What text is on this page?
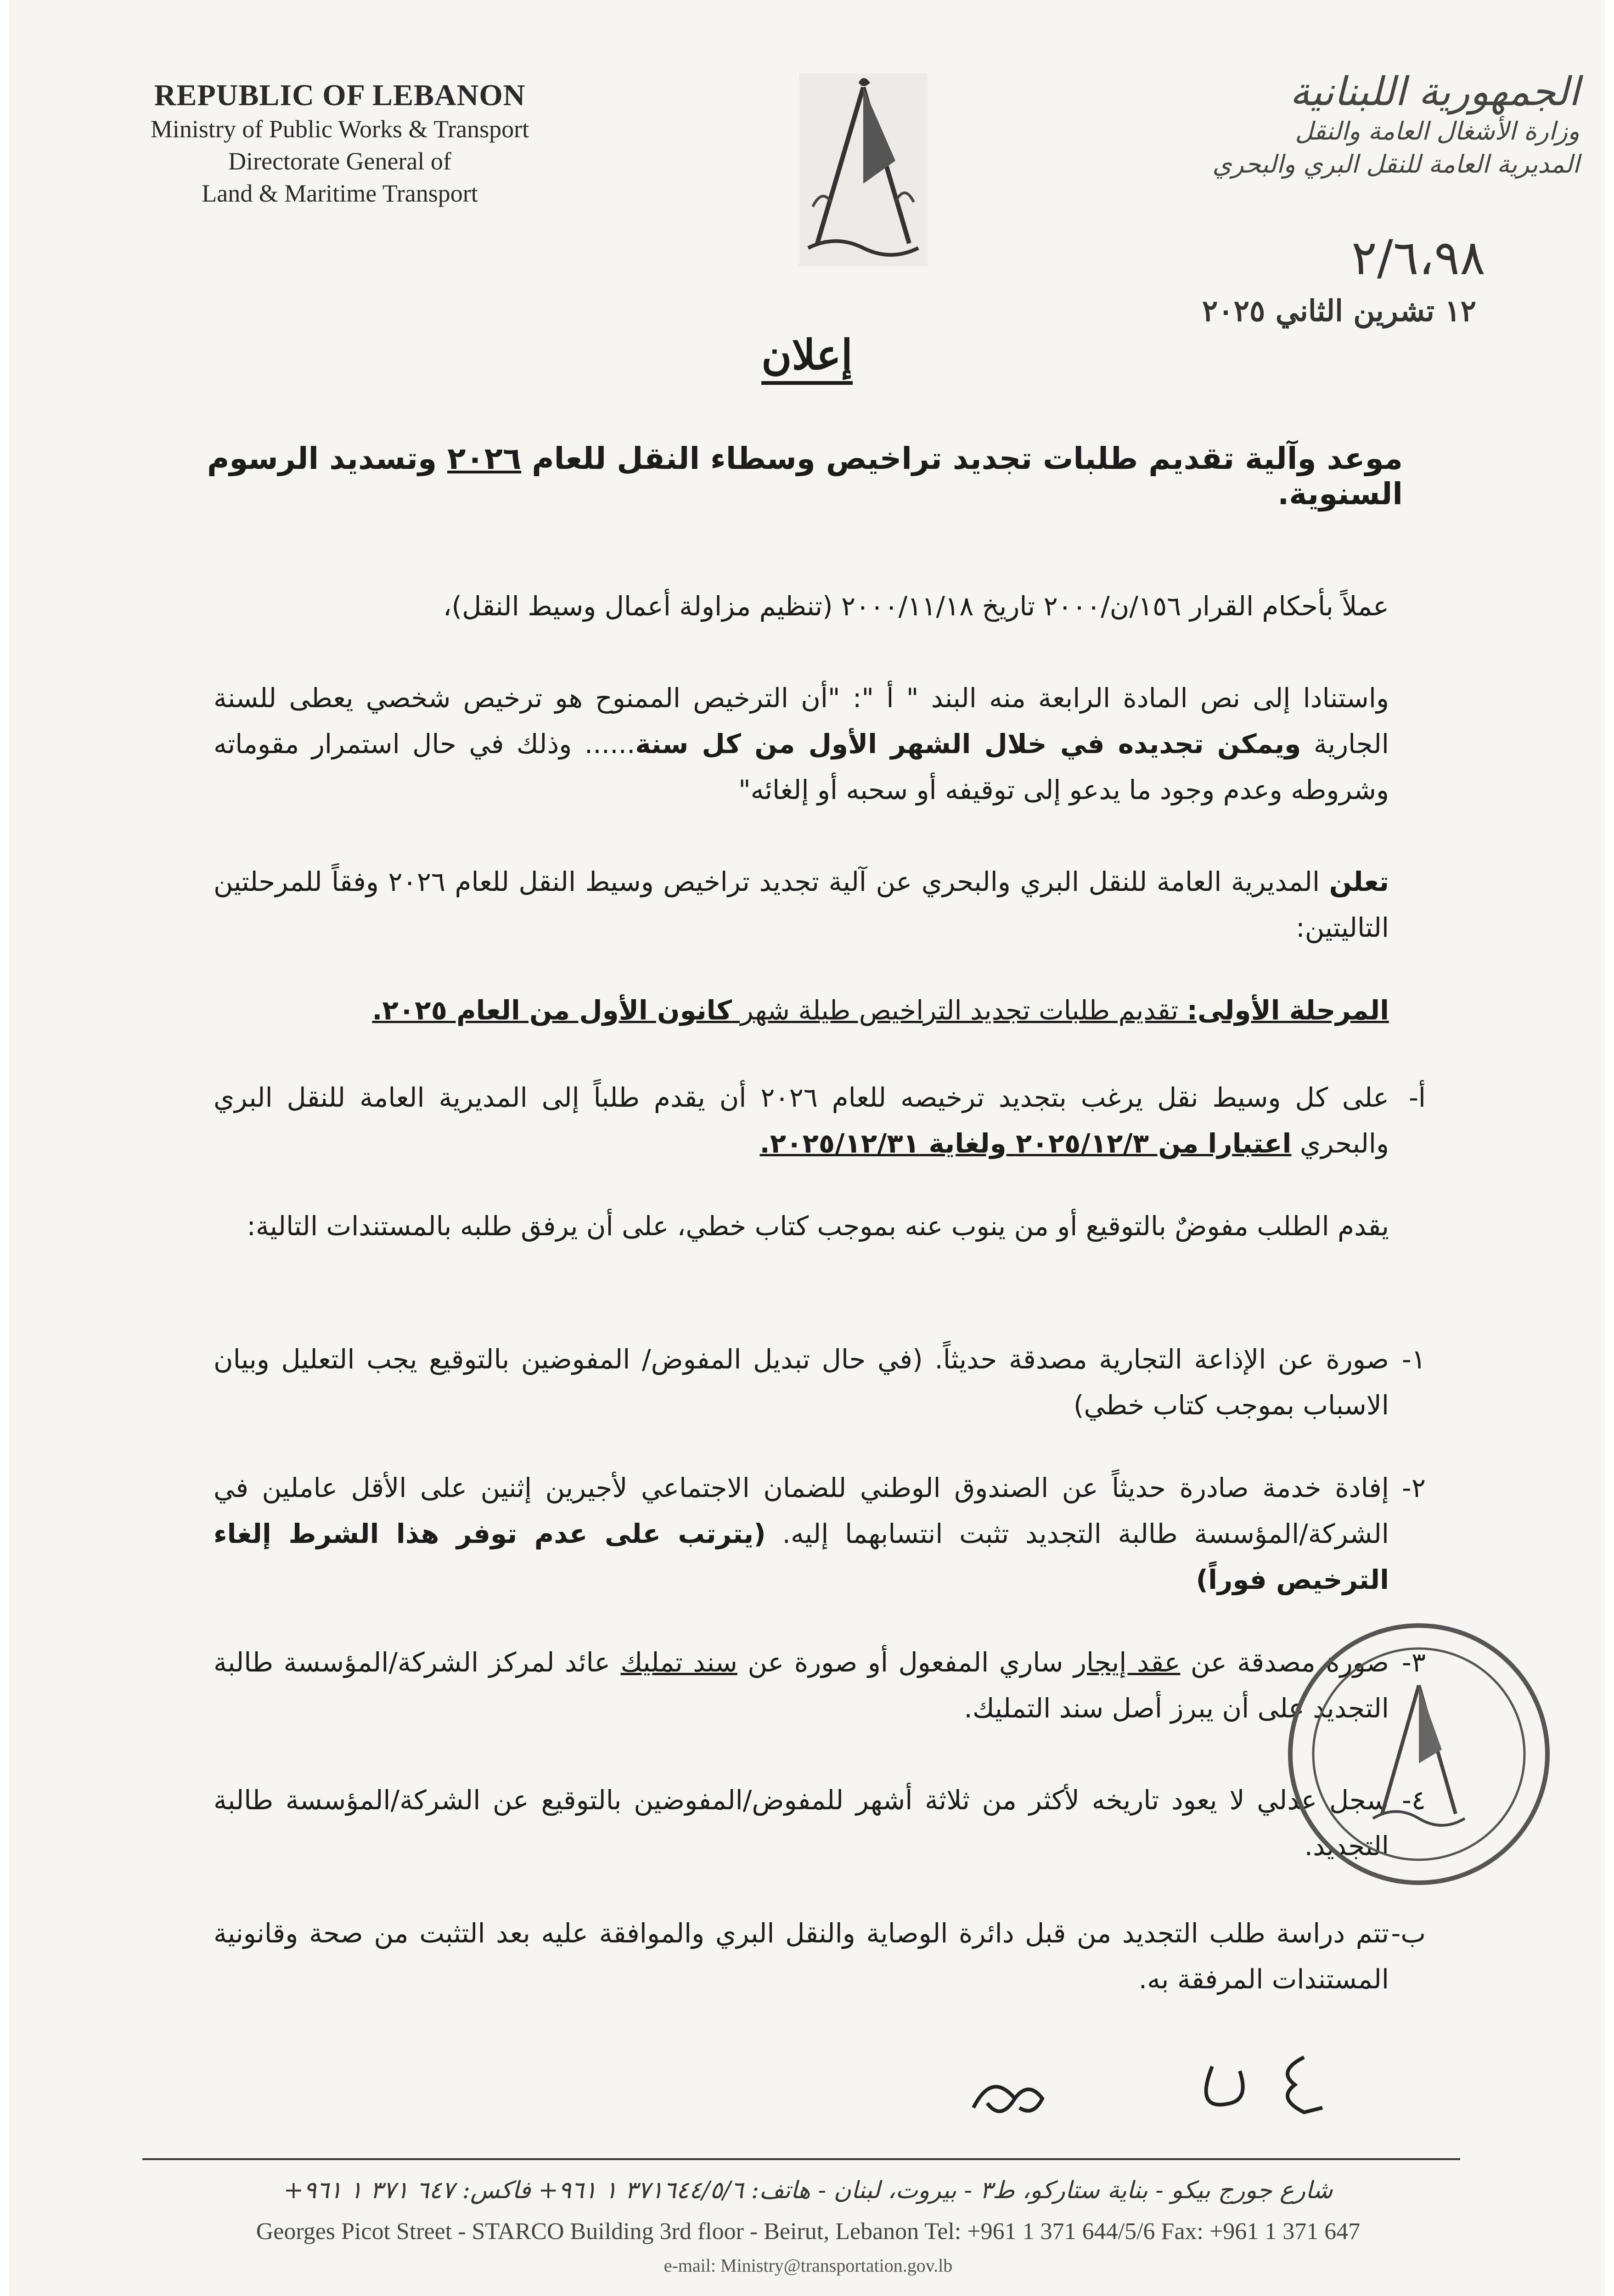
REPUBLIC OF LEBANON
Ministry of Public Works & Transport
Directorate General of
Land & Maritime Transport
الجمهورية اللبنانية
وزارة الأشغال العامة والنقل
المديرية العامة للنقل البري والبحري
٢/٦،٩٨
١٢ تشرين الثاني ٢٠٢٥
إعلان
موعد وآلية تقديم طلبات تجديد تراخيص وسطاء النقل للعام ٢٠٢٦ وتسديد الرسوم السنوية.
عملاً بأحكام القرار ١٥٦/ن/٢٠٠٠ تاريخ ٢٠٠٠/١١/١٨ (تنظيم مزاولة أعمال وسيط النقل)،
واستنادا إلى نص المادة الرابعة منه البند " أ ": "أن الترخيص الممنوح هو ترخيص شخصي يعطى للسنة الجارية ويمكن تجديده في خلال الشهر الأول من كل سنة...... وذلك في حال استمرار مقوماته وشروطه وعدم وجود ما يدعو إلى توقيفه أو سحبه أو إلغائه"
تعلن المديرية العامة للنقل البري والبحري عن آلية تجديد تراخيص وسيط النقل للعام ٢٠٢٦ وفقاً للمرحلتين التاليتين:
المرحلة الأولى: تقديم طلبات تجديد التراخيص طيلة شهر كانون الأول من العام ٢٠٢٥.
أ-
على كل وسيط نقل يرغب بتجديد ترخيصه للعام ٢٠٢٦ أن يقدم طلباً إلى المديرية العامة للنقل البري والبحري اعتبارا من ٢٠٢٥/١٢/٣ ولغاية ٢٠٢٥/١٢/٣١.
يقدم الطلب مفوضٌ بالتوقيع أو من ينوب عنه بموجب كتاب خطي، على أن يرفق طلبه بالمستندات التالية:
١-
صورة عن الإذاعة التجارية مصدقة حديثاً. (في حال تبديل المفوض/ المفوضين بالتوقيع يجب التعليل وبيان الاسباب بموجب كتاب خطي)
٢-
إفادة خدمة صادرة حديثاً عن الصندوق الوطني للضمان الاجتماعي لأجيرين إثنين على الأقل عاملين في الشركة/المؤسسة طالبة التجديد تثبت انتسابهما إليه. (يترتب على عدم توفر هذا الشرط إلغاء الترخيص فوراً)
٣-
صورة مصدقة عن عقد إيجار ساري المفعول أو صورة عن سند تمليك عائد لمركز الشركة/المؤسسة طالبة التجديد على أن يبرز أصل سند التمليك.
٤-
سجل عدلي لا يعود تاريخه لأكثر من ثلاثة أشهر للمفوض/المفوضين بالتوقيع عن الشركة/المؤسسة طالبة التجديد.
ب-
تتم دراسة طلب التجديد من قبل دائرة الوصاية والنقل البري والموافقة عليه بعد التثبت من صحة وقانونية المستندات المرفقة به.
شارع جورج بيكو - بناية ستاركو، ط٣ - بيروت، لبنان - هاتف: ٣٧١٦٤٤/٥/٦ ١ ٩٦١+ فاكس: ٦٤٧ ٣٧١ ١ ٩٦١+
Georges Picot Street - STARCO Building 3rd floor - Beirut, Lebanon Tel: +961 1 371 644/5/6 Fax: +961 1 371 647
e-mail: Ministry@transportation.gov.lb
